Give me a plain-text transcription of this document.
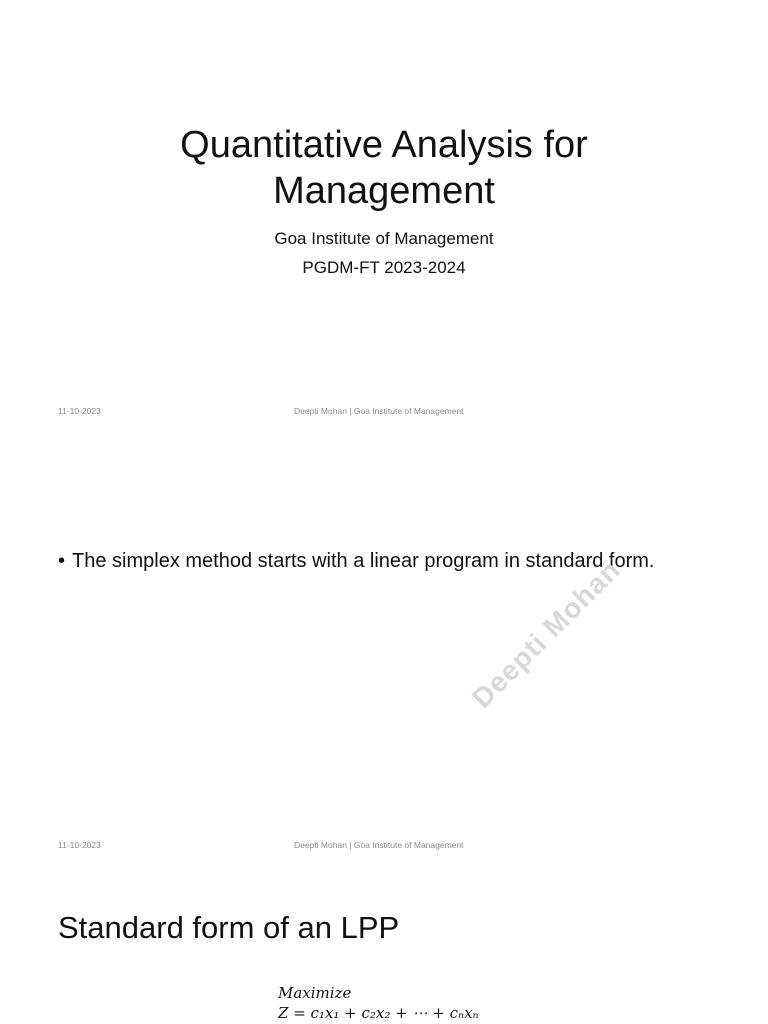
Quantitative Analysis for
Management
Goa Institute of Management
PGDM-FT 2023-2024
11-10-2023	Deepti Mohan | Goa Institute of Management
• The simplex method starts with a linear program in standard form.
Deepti Mohan
11-10-2023	Deepti Mohan | Goa Institute of Management
Standard form of an LPP
Maximize
Z = c₁x₁ + c₂x₂ + ⋯ + cₙxₙ
